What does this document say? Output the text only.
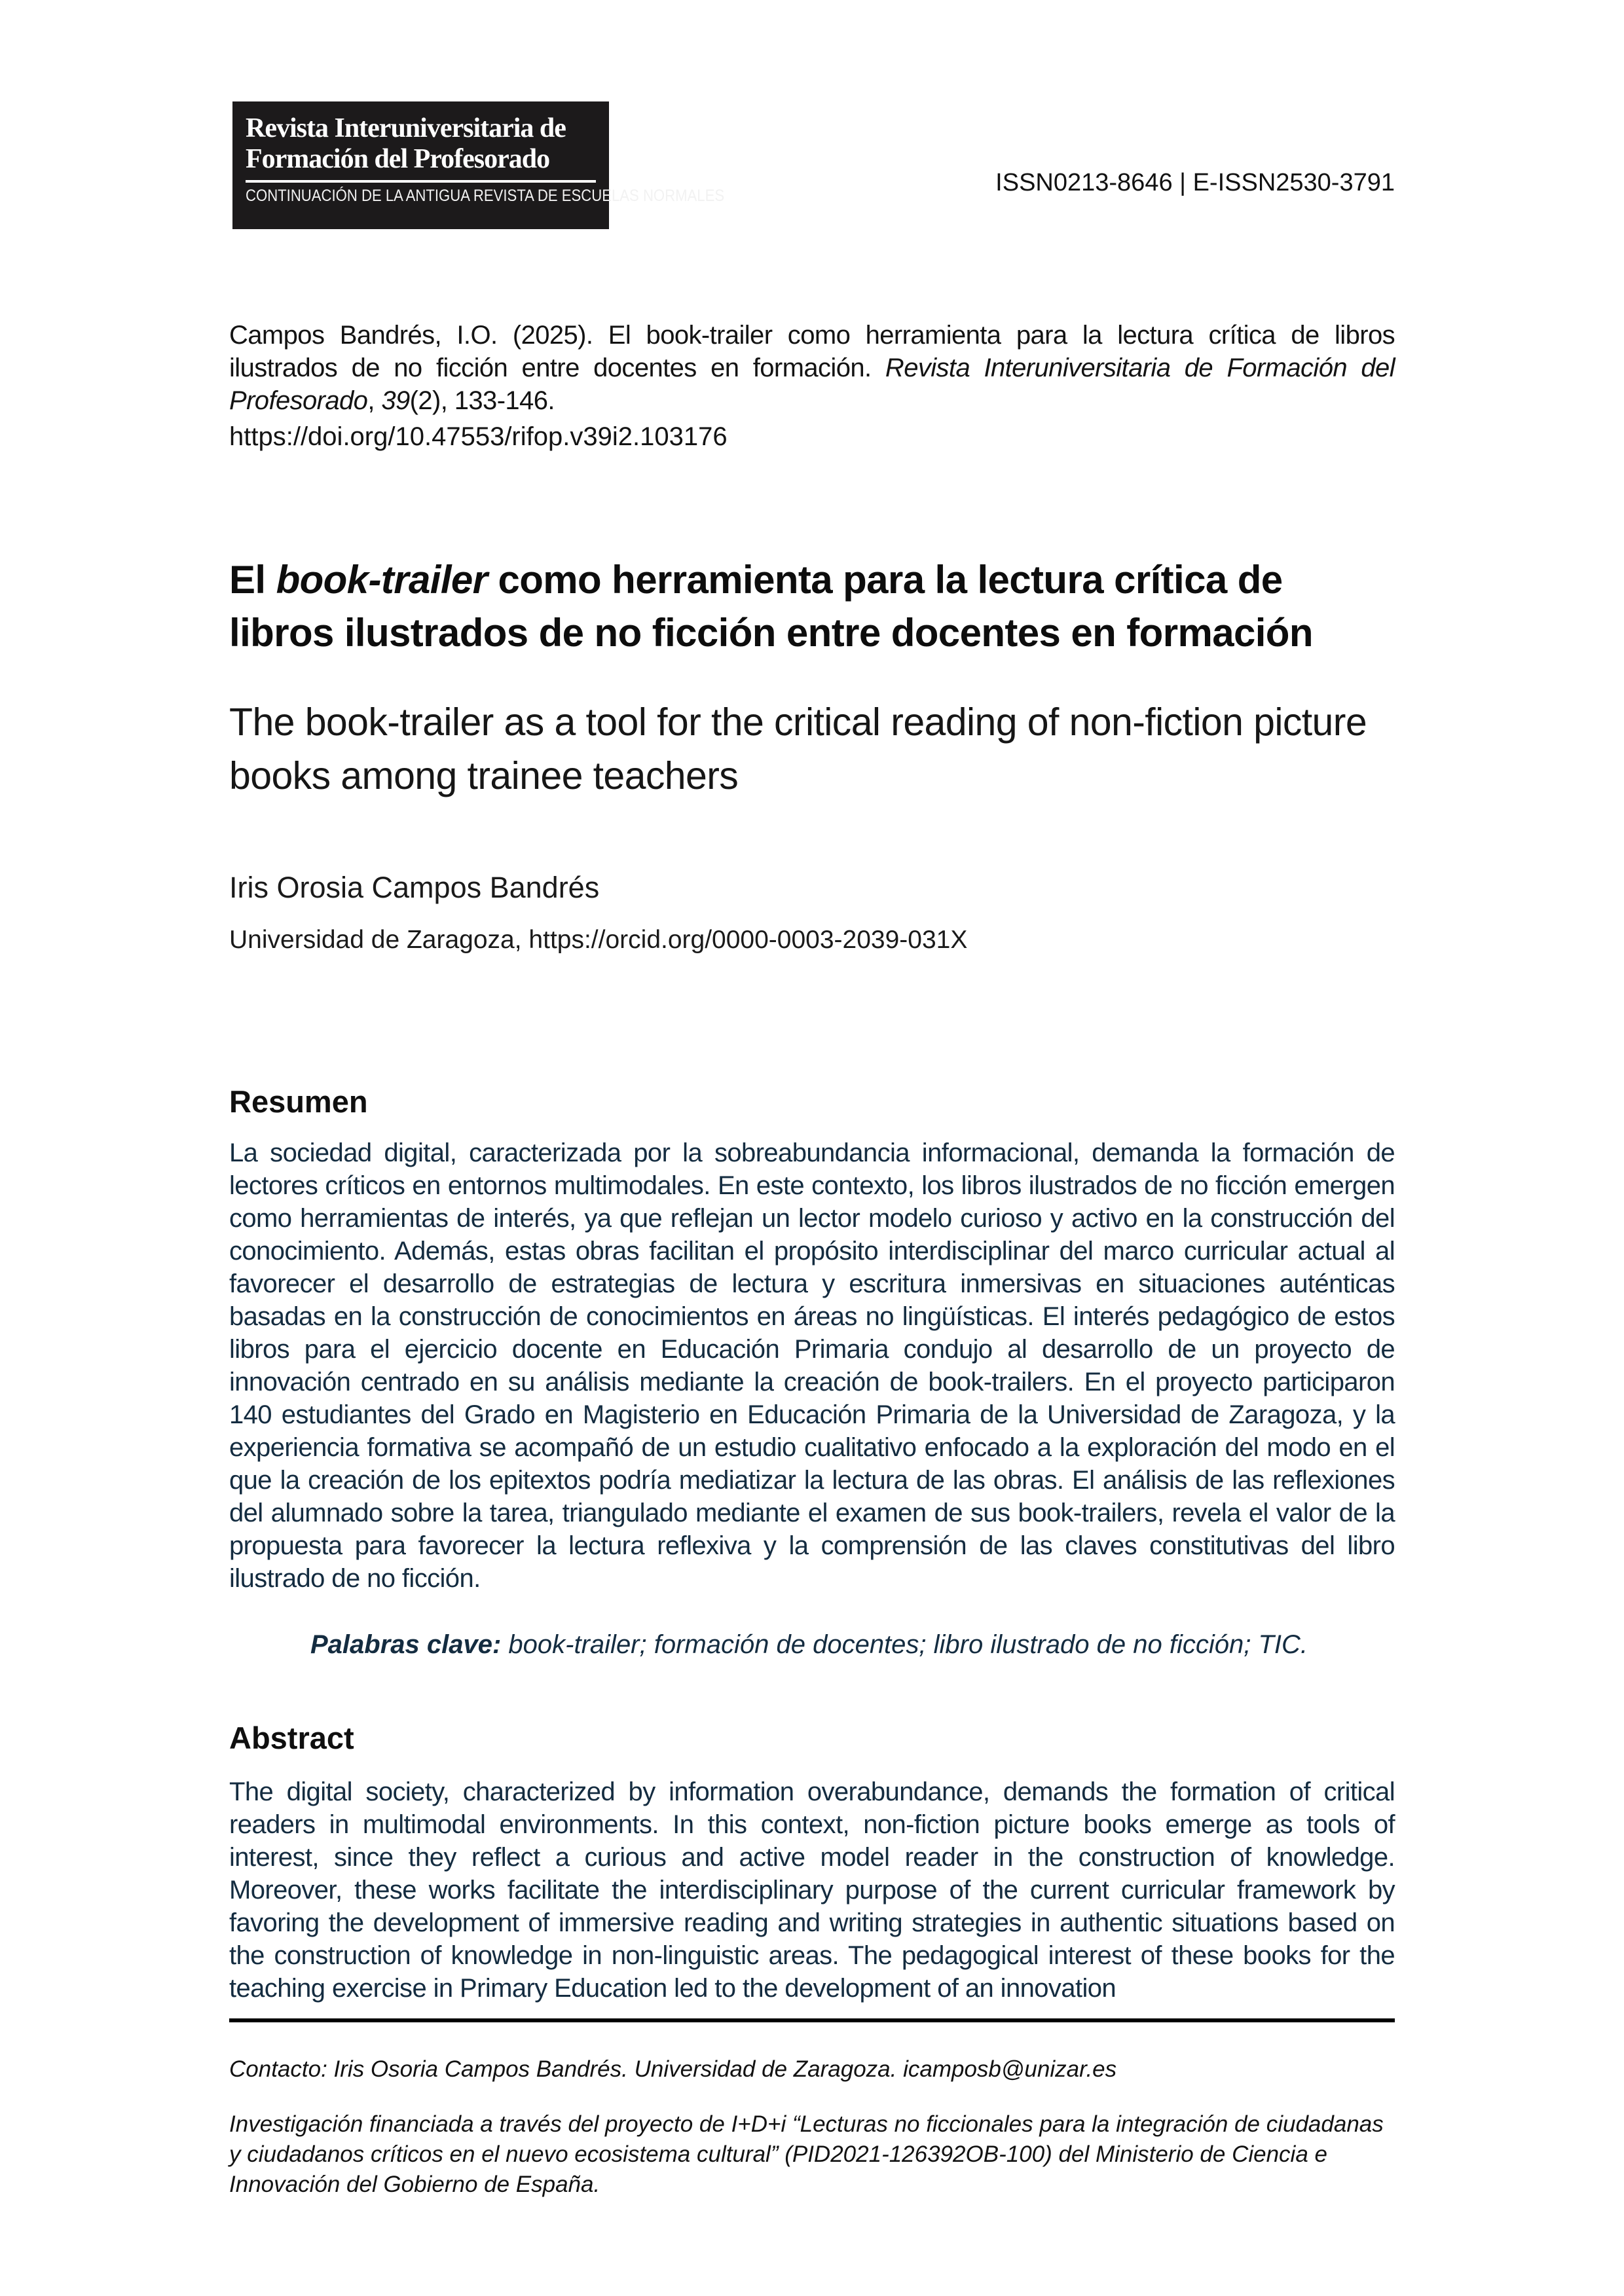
Revista Interuniversitaria de
Formación del Profesorado
CONTINUACIÓN DE LA ANTIGUA REVISTA DE ESCUELAS NORMALES	ISSN0213-8646 | E-ISSN2530-3791
Campos Bandrés, I.O. (2025). El book-trailer como herramienta para la lectura crítica de libros ilustrados de no ficción entre docentes en formación. Revista Interuniversitaria de Formación del Profesorado, 39(2), 133-146.
https://doi.org/10.47553/rifop.v39i2.103176
El book-trailer como herramienta para la lectura crítica de libros ilustrados de no ficción entre docentes en formación
The book-trailer as a tool for the critical reading of non-fiction picture books among trainee teachers
Iris Orosia Campos Bandrés
Universidad de Zaragoza, https://orcid.org/0000-0003-2039-031X
Resumen
La sociedad digital, caracterizada por la sobreabundancia informacional, demanda la formación de lectores críticos en entornos multimodales. En este contexto, los libros ilustrados de no ficción emergen como herramientas de interés, ya que reflejan un lector modelo curioso y activo en la construcción del conocimiento. Además, estas obras facilitan el propósito interdisciplinar del marco curricular actual al favorecer el desarrollo de estrategias de lectura y escritura inmersivas en situaciones auténticas basadas en la construcción de conocimientos en áreas no lingüísticas. El interés pedagógico de estos libros para el ejercicio docente en Educación Primaria condujo al desarrollo de un proyecto de innovación centrado en su análisis mediante la creación de book-trailers. En el proyecto participaron 140 estudiantes del Grado en Magisterio en Educación Primaria de la Universidad de Zaragoza, y la experiencia formativa se acompañó de un estudio cualitativo enfocado a la exploración del modo en el que la creación de los epitextos podría mediatizar la lectura de las obras. El análisis de las reflexiones del alumnado sobre la tarea, triangulado mediante el examen de sus book-trailers, revela el valor de la propuesta para favorecer la lectura reflexiva y la comprensión de las claves constitutivas del libro ilustrado de no ficción.
Palabras clave: book-trailer; formación de docentes; libro ilustrado de no ficción; TIC.
Abstract
The digital society, characterized by information overabundance, demands the formation of critical readers in multimodal environments. In this context, non-fiction picture books emerge as tools of interest, since they reflect a curious and active model reader in the construction of knowledge. Moreover, these works facilitate the interdisciplinary purpose of the current curricular framework by favoring the development of immersive reading and writing strategies in authentic situations based on the construction of knowledge in non-linguistic areas. The pedagogical interest of these books for the teaching exercise in Primary Education led to the development of an innovation
Contacto: Iris Osoria Campos Bandrés. Universidad de Zaragoza. icamposb@unizar.es
Investigación financiada a través del proyecto de I+D+i “Lecturas no ficcionales para la integración de ciudadanas y ciudadanos críticos en el nuevo ecosistema cultural” (PID2021-126392OB-100) del Ministerio de Ciencia e Innovación del Gobierno de España.
